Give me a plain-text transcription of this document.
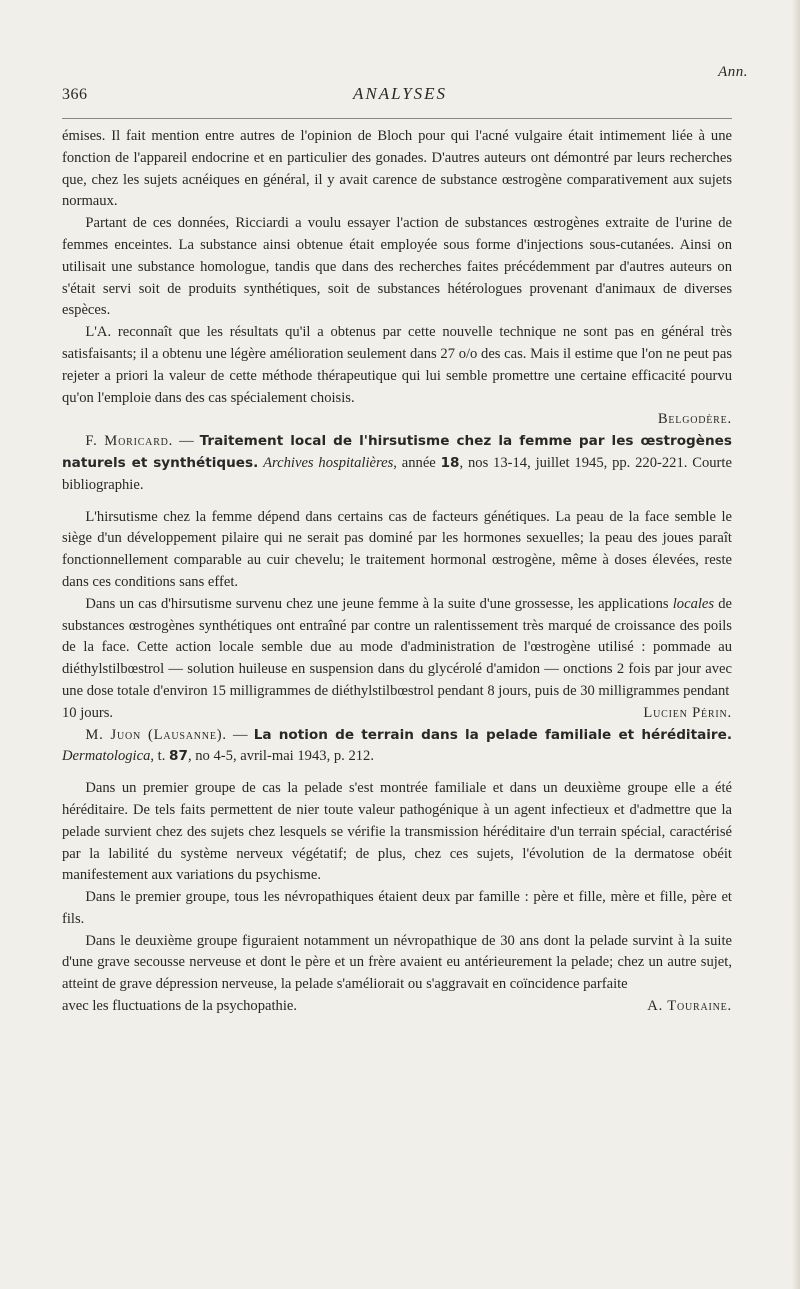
Ann.
366	ANALYSES

émises. Il fait mention entre autres de l'opinion de Bloch pour qui l'acné vulgaire était intimement liée à une fonction de l'appareil endocrine et en particulier des gonades. D'autres auteurs ont démontré par leurs recherches que, chez les sujets acnéiques en général, il y avait carence de substance œstrogène comparativement aux sujets normaux.

Partant de ces données, Ricciardi a voulu essayer l'action de substances œstrogènes extraite de l'urine de femmes enceintes. La substance ainsi obtenue était employée sous forme d'injections sous-cutanées. Ainsi on utilisait une substance homologue, tandis que dans des recherches faites précédemment par d'autres auteurs on s'était servi soit de produits synthétiques, soit de substances hétérologues provenant d'animaux de diverses espèces.

L'A. reconnaît que les résultats qu'il a obtenus par cette nouvelle technique ne sont pas en général très satisfaisants; il a obtenu une légère amélioration seulement dans 27 o/o des cas. Mais il estime que l'on ne peut pas rejeter a priori la valeur de cette méthode thérapeutique qui lui semble promettre une certaine efficacité pourvu qu'on l'emploie dans des cas spécialement choisis.

Belgodère.

F. Moricard. — Traitement local de l'hirsutisme chez la femme par les œstrogènes naturels et synthétiques. Archives hospitalières, année 18, nos 13-14, juillet 1945, pp. 220-221. Courte bibliographie.

L'hirsutisme chez la femme dépend dans certains cas de facteurs génétiques. La peau de la face semble le siège d'un développement pilaire qui ne serait pas dominé par les hormones sexuelles; la peau des joues paraît fonctionnellement comparable au cuir chevelu; le traitement hormonal œstrogène, même à doses élevées, reste dans ces conditions sans effet.

Dans un cas d'hirsutisme survenu chez une jeune femme à la suite d'une grossesse, les applications locales de substances œstrogènes synthétiques ont entraîné par contre un ralentissement très marqué de croissance des poils de la face. Cette action locale semble due au mode d'administration de l'œstrogène utilisé : pommade au diéthylstilbœstrol — solution huileuse en suspension dans du glycérolé d'amidon — onctions 2 fois par jour avec une dose totale d'environ 15 milligrammes de diéthylstilbœstrol pendant 8 jours, puis de 30 milligrammes pendant

10 jours.	Lucien Périn.

M. Juon (Lausanne). — La notion de terrain dans la pelade familiale et héréditaire. Dermatologica, t. 87, no 4-5, avril-mai 1943, p. 212.

Dans un premier groupe de cas la pelade s'est montrée familiale et dans un deuxième groupe elle a été héréditaire. De tels faits permettent de nier toute valeur pathogénique à un agent infectieux et d'admettre que la pelade survient chez des sujets chez lesquels se vérifie la transmission héréditaire d'un terrain spécial, caractérisé par la labilité du système nerveux végétatif; de plus, chez ces sujets, l'évolution de la dermatose obéit manifestement aux variations du psychisme.

Dans le premier groupe, tous les névropathiques étaient deux par famille : père et fille, mère et fille, père et fils.

Dans le deuxième groupe figuraient notamment un névropathique de 30 ans dont la pelade survint à la suite d'une grave secousse nerveuse et dont le père et un frère avaient eu antérieurement la pelade; chez un autre sujet, atteint de grave dépression nerveuse, la pelade s'améliorait ou s'aggravait en coïncidence parfaite

avec les fluctuations de la psychopathie.	A. Touraine.
